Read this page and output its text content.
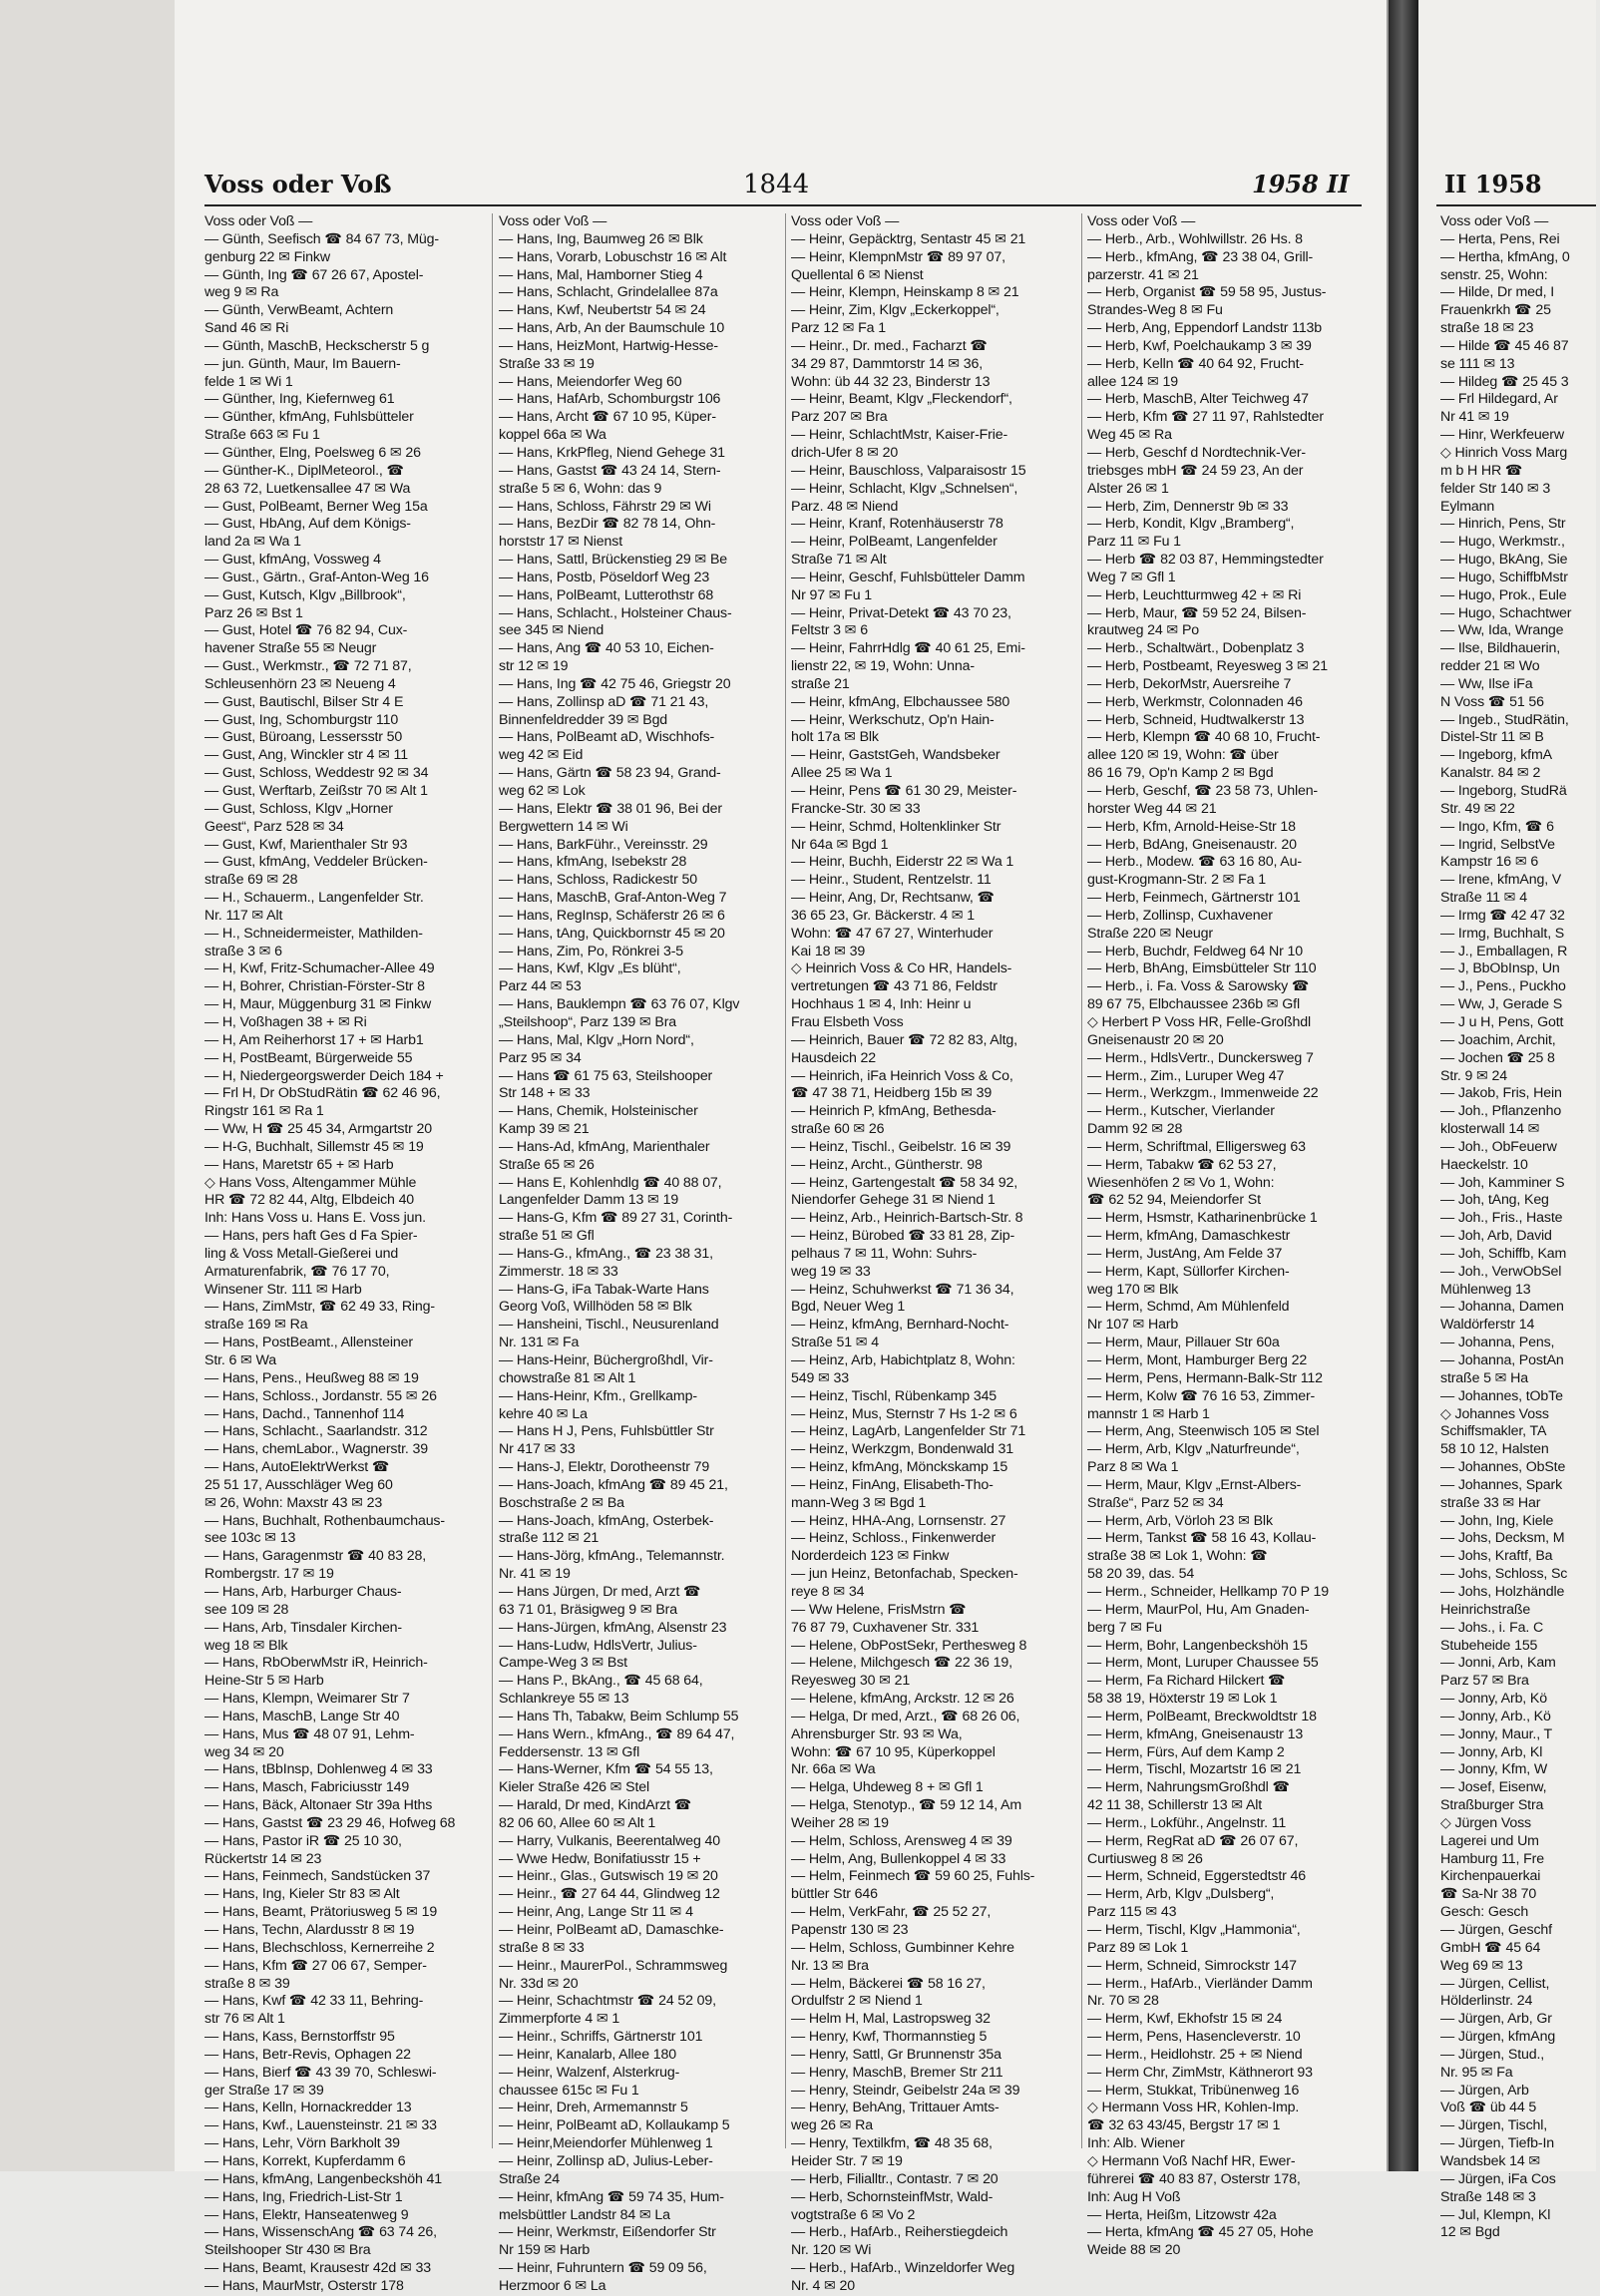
Voss oder Voß	1844	1958 II	II 1958
Voss oder Voß —
— Günth, Seefisch ☎ 84 67 73, Müg-
genburg 22 ✉ Finkw
— Günth, Ing ☎ 67 26 67, Apostel-
weg 9 ✉ Ra
— Günth, VerwBeamt, Achtern
Sand 46 ✉ Ri
— Günth, MaschB, Heckscherstr 5 g
— jun. Günth, Maur, Im Bauern-
felde 1 ✉ Wi 1
— Günther, Ing, Kiefernweg 61
— Günther, kfmAng, Fuhlsbütteler
Straße 663 ✉ Fu 1
— Günther, Elng, Poelsweg 6 ✉ 26
— Günther-K., DiplMeteorol., ☎
28 63 72, Luetkensallee 47 ✉ Wa
— Gust, PolBeamt, Berner Weg 15a
— Gust, HbAng, Auf dem Königs-
land 2a ✉ Wa 1
— Gust, kfmAng, Vossweg 4
— Gust., Gärtn., Graf-Anton-Weg 16
— Gust, Kutsch, Klgv „Billbrook“,
Parz 26 ✉ Bst 1
— Gust, Hotel ☎ 76 82 94, Cux-
havener Straße 55 ✉ Neugr
— Gust., Werkmstr., ☎ 72 71 87,
Schleusenhörn 23 ✉ Neueng 4
— Gust, Bautischl, Bilser Str 4 E
— Gust, Ing, Schomburgstr 110
— Gust, Büroang, Lessersstr 50
— Gust, Ang, Winckler str 4 ✉ 11
— Gust, Schloss, Weddestr 92 ✉ 34
— Gust, Werftarb, Zeißstr 70 ✉ Alt 1
— Gust, Schloss, Klgv „Horner
Geest“, Parz 528 ✉ 34
— Gust, Kwf, Marienthaler Str 93
— Gust, kfmAng, Veddeler Brücken-
straße 69 ✉ 28
— H., Schauerm., Langenfelder Str.
Nr. 117 ✉ Alt
— H., Schneidermeister, Mathilden-
straße 3 ✉ 6
— H, Kwf, Fritz-Schumacher-Allee 49
— H, Bohrer, Christian-Förster-Str 8
— H, Maur, Müggenburg 31 ✉ Finkw
— H, Voßhagen 38 + ✉ Ri
— H, Am Reiherhorst 17 + ✉ Harb1
— H, PostBeamt, Bürgerweide 55
— H, Niedergeorgswerder Deich 184 +
— Frl H, Dr ObStudRätin ☎ 62 46 96,
Ringstr 161 ✉ Ra 1
— Ww, H ☎ 25 45 34, Armgartstr 20
— H-G, Buchhalt, Sillemstr 45 ✉ 19
— Hans, Maretstr 65 + ✉ Harb
◇ Hans Voss, Altengammer Mühle
HR ☎ 72 82 44, Altg, Elbdeich 40
Inh: Hans Voss u. Hans E. Voss jun.
— Hans, pers haft Ges d Fa Spier-
ling & Voss Metall-Gießerei und
Armaturenfabrik, ☎ 76 17 70,
Winsener Str. 111 ✉ Harb
— Hans, ZimMstr, ☎ 62 49 33, Ring-
straße 169 ✉ Ra
— Hans, PostBeamt., Allensteiner
Str. 6 ✉ Wa
— Hans, Pens., Heußweg 88 ✉ 19
— Hans, Schloss., Jordanstr. 55 ✉ 26
— Hans, Dachd., Tannenhof 114
— Hans, Schlacht., Saarlandstr. 312
— Hans, chemLabor., Wagnerstr. 39
— Hans, AutoElektrWerkst ☎
25 51 17, Ausschläger Weg 60
✉ 26, Wohn: Maxstr 43 ✉ 23
— Hans, Buchhalt, Rothenbaumchaus-
see 103c ✉ 13
— Hans, Garagenmstr ☎ 40 83 28,
Rombergstr. 17 ✉ 19
— Hans, Arb, Harburger Chaus-
see 109 ✉ 28
— Hans, Arb, Tinsdaler Kirchen-
weg 18 ✉ Blk
— Hans, RbOberwMstr iR, Heinrich-
Heine-Str 5 ✉ Harb
— Hans, Klempn, Weimarer Str 7
— Hans, MaschB, Lange Str 40
— Hans, Mus ☎ 48 07 91, Lehm-
weg 34 ✉ 20
— Hans, tBbInsp, Dohlenweg 4 ✉ 33
— Hans, Masch, Fabriciusstr 149
— Hans, Bäck, Altonaer Str 39a Hths
— Hans, Gastst ☎ 23 29 46, Hofweg 68
— Hans, Pastor iR ☎ 25 10 30,
Rückertstr 14 ✉ 23
— Hans, Feinmech, Sandstücken 37
— Hans, Ing, Kieler Str 83 ✉ Alt
— Hans, Beamt, Prätoriusweg 5 ✉ 19
— Hans, Techn, Alardusstr 8 ✉ 19
— Hans, Blechschloss, Kernerreihe 2
— Hans, Kfm ☎ 27 06 67, Semper-
straße 8 ✉ 39
— Hans, Kwf ☎ 42 33 11, Behring-
str 76 ✉ Alt 1
— Hans, Kass, Bernstorffstr 95
— Hans, Betr-Revis, Ophagen 22
— Hans, Bierf ☎ 43 39 70, Schleswi-
ger Straße 17 ✉ 39
— Hans, Kelln, Hornackredder 13
— Hans, Kwf., Lauensteinstr. 21 ✉ 33
— Hans, Lehr, Vörn Barkholt 39
— Hans, Korrekt, Kupferdamm 6
— Hans, kfmAng, Langenbeckshöh 41
— Hans, Ing, Friedrich-List-Str 1
— Hans, Elektr, Hanseatenweg 9
— Hans, WissenschAng ☎ 63 74 26,
Steilshooper Str 430 ✉ Bra
— Hans, Beamt, Krausestr 42d ✉ 33
— Hans, MaurMstr, Osterstr 178
Voss oder Voß —
— Hans, Ing, Baumweg 26 ✉ Blk
— Hans, Vorarb, Lobuschstr 16 ✉ Alt
— Hans, Mal, Hamborner Stieg 4
— Hans, Schlacht, Grindelallee 87a
— Hans, Kwf, Neubertstr 54 ✉ 24
— Hans, Arb, An der Baumschule 10
— Hans, HeizMont, Hartwig-Hesse-
Straße 33 ✉ 19
— Hans, Meiendorfer Weg 60
— Hans, HafArb, Schomburgstr 106
— Hans, Archt ☎ 67 10 95, Küper-
koppel 66a ✉ Wa
— Hans, KrkPfleg, Niend Gehege 31
— Hans, Gastst ☎ 43 24 14, Stern-
straße 5 ✉ 6, Wohn: das 9
— Hans, Schloss, Fährstr 29 ✉ Wi
— Hans, BezDir ☎ 82 78 14, Ohn-
horststr 17 ✉ Nienst
— Hans, Sattl, Brückenstieg 29 ✉ Be
— Hans, Postb, Pöseldorf Weg 23
— Hans, PolBeamt, Lutterothstr 68
— Hans, Schlacht., Holsteiner Chaus-
see 345 ✉ Niend
— Hans, Ang ☎ 40 53 10, Eichen-
str 12 ✉ 19
— Hans, Ing ☎ 42 75 46, Griegstr 20
— Hans, Zollinsp aD ☎ 71 21 43,
Binnenfeldredder 39 ✉ Bgd
— Hans, PolBeamt aD, Wischhofs-
weg 42 ✉ Eid
— Hans, Gärtn ☎ 58 23 94, Grand-
weg 62 ✉ Lok
— Hans, Elektr ☎ 38 01 96, Bei der
Bergwettern 14 ✉ Wi
— Hans, BarkFühr., Vereinsstr. 29
— Hans, kfmAng, Isebekstr 28
— Hans, Schloss, Radickestr 50
— Hans, MaschB, Graf-Anton-Weg 7
— Hans, RegInsp, Schäferstr 26 ✉ 6
— Hans, tAng, Quickbornstr 45 ✉ 20
— Hans, Zim, Po, Rönkrei 3-5
— Hans, Kwf, Klgv „Es blüht“,
Parz 44 ✉ 53
— Hans, Bauklempn ☎ 63 76 07, Klgv
„Steilshoop“, Parz 139 ✉ Bra
— Hans, Mal, Klgv „Horn Nord“,
Parz 95 ✉ 34
— Hans ☎ 61 75 63, Steilshooper
Str 148 + ✉ 33
— Hans, Chemik, Holsteinischer
Kamp 39 ✉ 21
— Hans-Ad, kfmAng, Marienthaler
Straße 65 ✉ 26
— Hans E, Kohlenhdlg ☎ 40 88 07,
Langenfelder Damm 13 ✉ 19
— Hans-G, Kfm ☎ 89 27 31, Corinth-
straße 51 ✉ Gfl
— Hans-G., kfmAng., ☎ 23 38 31,
Zimmerstr. 18 ✉ 33
— Hans-G, iFa Tabak-Warte Hans
Georg Voß, Willhöden 58 ✉ Blk
— Hansheini, Tischl., Neusurenland
Nr. 131 ✉ Fa
— Hans-Heinr, Büchergroßhdl, Vir-
chowstraße 81 ✉ Alt 1
— Hans-Heinr, Kfm., Grellkamp-
kehre 40 ✉ La
— Hans H J, Pens, Fuhlsbüttler Str
Nr 417 ✉ 33
— Hans-J, Elektr, Dorotheenstr 79
— Hans-Joach, kfmAng ☎ 89 45 21,
Boschstraße 2 ✉ Ba
— Hans-Joach, kfmAng, Osterbek-
straße 112 ✉ 21
— Hans-Jörg, kfmAng., Telemannstr.
Nr. 41 ✉ 19
— Hans Jürgen, Dr med, Arzt ☎
63 71 01, Bräsigweg 9 ✉ Bra
— Hans-Jürgen, kfmAng, Alsenstr 23
— Hans-Ludw, HdlsVertr, Julius-
Campe-Weg 3 ✉ Bst
— Hans P., BkAng., ☎ 45 68 64,
Schlankreye 55 ✉ 13
— Hans Th, Tabakw, Beim Schlump 55
— Hans Wern., kfmAng., ☎ 89 64 47,
Feddersenstr. 13 ✉ Gfl
— Hans-Werner, Kfm ☎ 54 55 13,
Kieler Straße 426 ✉ Stel
— Harald, Dr med, KindArzt ☎
82 06 60, Allee 60 ✉ Alt 1
— Harry, Vulkanis, Beerentalweg 40
— Wwe Hedw, Bonifatiusstr 15 +
— Heinr., Glas., Gutswisch 19 ✉ 20
— Heinr., ☎ 27 64 44, Glindweg 12
— Heinr, Ang, Lange Str 11 ✉ 4
— Heinr, PolBeamt aD, Damaschke-
straße 8 ✉ 33
— Heinr., MaurerPol., Schrammsweg
Nr. 33d ✉ 20
— Heinr, Schachtmstr ☎ 24 52 09,
Zimmerpforte 4 ✉ 1
— Heinr., Schriffs, Gärtnerstr 101
— Heinr, Kanalarb, Allee 180
— Heinr, Walzenf, Alsterkrug-
chaussee 615c ✉ Fu 1
— Heinr, Dreh, Armemannstr 5
— Heinr, PolBeamt aD, Kollaukamp 5
— Heinr,Meiendorfer Mühlenweg 1
— Heinr, Zollinsp aD, Julius-Leber-
Straße 24
— Heinr, kfmAng ☎ 59 74 35, Hum-
melsbüttler Landstr 84 ✉ La
— Heinr, Werkmstr, Eißendorfer Str
Nr 159 ✉ Harb
— Heinr, Fuhruntern ☎ 59 09 56,
Herzmoor 6 ✉ La
Voss oder Voß —
— Heinr, Gepäcktrg, Sentastr 45 ✉ 21
— Heinr, KlempnMstr ☎ 89 97 07,
Quellental 6 ✉ Nienst
— Heinr, Klempn, Heinskamp 8 ✉ 21
— Heinr, Zim, Klgv „Eckerkoppel“,
Parz 12 ✉ Fa 1
— Heinr., Dr. med., Facharzt ☎
34 29 87, Dammtorstr 14 ✉ 36,
Wohn: üb 44 32 23, Binderstr 13
— Heinr, Beamt, Klgv „Fleckendorf“,
Parz 207 ✉ Bra
— Heinr, SchlachtMstr, Kaiser-Frie-
drich-Ufer 8 ✉ 20
— Heinr, Bauschloss, Valparaisostr 15
— Heinr, Schlacht, Klgv „Schnelsen“,
Parz. 48 ✉ Niend
— Heinr, Kranf, Rotenhäuserstr 78
— Heinr, PolBeamt, Langenfelder
Straße 71 ✉ Alt
— Heinr, Geschf, Fuhlsbütteler Damm
Nr 97 ✉ Fu 1
— Heinr, Privat-Detekt ☎ 43 70 23,
Feltstr 3 ✉ 6
— Heinr, FahrrHdlg ☎ 40 61 25, Emi-
lienstr 22, ✉ 19, Wohn: Unna-
straße 21
— Heinr, kfmAng, Elbchaussee 580
— Heinr, Werkschutz, Op'n Hain-
holt 17a ✉ Blk
— Heinr, GaststGeh, Wandsbeker
Allee 25 ✉ Wa 1
— Heinr, Pens ☎ 61 30 29, Meister-
Francke-Str. 30 ✉ 33
— Heinr, Schmd, Holtenklinker Str
Nr 64a ✉ Bgd 1
— Heinr, Buchh, Eiderstr 22 ✉ Wa 1
— Heinr., Student, Rentzelstr. 11
— Heinr, Ang, Dr, Rechtsanw, ☎
36 65 23, Gr. Bäckerstr. 4 ✉ 1
Wohn: ☎ 47 67 27, Winterhuder
Kai 18 ✉ 39
◇ Heinrich Voss & Co HR, Handels-
vertretungen ☎ 43 71 86, Feldstr
Hochhaus 1 ✉ 4, Inh: Heinr u
Frau Elsbeth Voss
— Heinrich, Bauer ☎ 72 82 83, Altg,
Hausdeich 22
— Heinrich, iFa Heinrich Voss & Co,
☎ 47 38 71, Heidberg 15b ✉ 39
— Heinrich P, kfmAng, Bethesda-
straße 60 ✉ 26
— Heinz, Tischl., Geibelstr. 16 ✉ 39
— Heinz, Archt., Güntherstr. 98
— Heinz, Gartengestalt ☎ 58 34 92,
Niendorfer Gehege 31 ✉ Niend 1
— Heinz, Arb., Heinrich-Bartsch-Str. 8
— Heinz, Bürobed ☎ 33 81 28, Zip-
pelhaus 7 ✉ 11, Wohn: Suhrs-
weg 19 ✉ 33
— Heinz, Schuhwerkst ☎ 71 36 34,
Bgd, Neuer Weg 1
— Heinz, kfmAng, Bernhard-Nocht-
Straße 51 ✉ 4
— Heinz, Arb, Habichtplatz 8, Wohn:
549 ✉ 33
— Heinz, Tischl, Rübenkamp 345
— Heinz, Mus, Sternstr 7 Hs 1-2 ✉ 6
— Heinz, LagArb, Langenfelder Str 71
— Heinz, Werkzgm, Bondenwald 31
— Heinz, kfmAng, Mönckskamp 15
— Heinz, FinAng, Elisabeth-Tho-
mann-Weg 3 ✉ Bgd 1
— Heinz, HHA-Ang, Lornsenstr. 27
— Heinz, Schloss., Finkenwerder
Norderdeich 123 ✉ Finkw
— jun Heinz, Betonfachab, Specken-
reye 8 ✉ 34
— Ww Helene, FrisMstrn ☎
76 87 79, Cuxhavener Str. 331
— Helene, ObPostSekr, Perthesweg 8
— Helene, Milchgesch ☎ 22 36 19,
Reyesweg 30 ✉ 21
— Helene, kfmAng, Arckstr. 12 ✉ 26
— Helga, Dr med, Arzt., ☎ 68 26 06,
Ahrensburger Str. 93 ✉ Wa,
Wohn: ☎ 67 10 95, Küperkoppel
Nr. 66a ✉ Wa
— Helga, Uhdeweg 8 + ✉ Gfl 1
— Helga, Stenotyp., ☎ 59 12 14, Am
Weiher 28 ✉ 19
— Helm, Schloss, Arensweg 4 ✉ 39
— Helm, Ang, Bullenkoppel 4 ✉ 33
— Helm, Feinmech ☎ 59 60 25, Fuhls-
büttler Str 646
— Helm, VerkFahr, ☎ 25 52 27,
Papenstr 130 ✉ 23
— Helm, Schloss, Gumbinner Kehre
Nr. 13 ✉ Bra
— Helm, Bäckerei ☎ 58 16 27,
Ordulfstr 2 ✉ Niend 1
— Helm H, Mal, Lastropsweg 32
— Henry, Kwf, Thormannstieg 5
— Henry, Sattl, Gr Brunnenstr 35a
— Henry, MaschB, Bremer Str 211
— Henry, Steindr, Geibelstr 24a ✉ 39
— Henry, BehAng, Trittauer Amts-
weg 26 ✉ Ra
— Henry, Textilkfm, ☎ 48 35 68,
Heider Str. 7 ✉ 19
— Herb, Filialltr., Contastr. 7 ✉ 20
— Herb, SchornsteinfMstr, Wald-
vogtstraße 6 ✉ Vo 2
— Herb., HafArb., Reiherstiegdeich
Nr. 120 ✉ Wi
— Herb., HafArb., Winzeldorfer Weg
Nr. 4 ✉ 20
Voss oder Voß —
— Herb., Arb., Wohlwillstr. 26 Hs. 8
— Herb., kfmAng, ☎ 23 38 04, Grill-
parzerstr. 41 ✉ 21
— Herb, Organist ☎ 59 58 95, Justus-
Strandes-Weg 8 ✉ Fu
— Herb, Ang, Eppendorf Landstr 113b
— Herb, Kwf, Poelchaukamp 3 ✉ 39
— Herb, Kelln ☎ 40 64 92, Frucht-
allee 124 ✉ 19
— Herb, MaschB, Alter Teichweg 47
— Herb, Kfm ☎ 27 11 97, Rahlstedter
Weg 45 ✉ Ra
— Herb, Geschf d Nordtechnik-Ver-
triebsges mbH ☎ 24 59 23, An der
Alster 26 ✉ 1
— Herb, Zim, Dennerstr 9b ✉ 33
— Herb, Kondit, Klgv „Bramberg“,
Parz 11 ✉ Fu 1
— Herb ☎ 82 03 87, Hemmingstedter
Weg 7 ✉ Gfl 1
— Herb, Leuchtturmweg 42 + ✉ Ri
— Herb, Maur, ☎ 59 52 24, Bilsen-
krautweg 24 ✉ Po
— Herb., Schaltwärt., Dobenplatz 3
— Herb, Postbeamt, Reyesweg 3 ✉ 21
— Herb, DekorMstr, Auersreihe 7
— Herb, Werkmstr, Colonnaden 46
— Herb, Schneid, Hudtwalkerstr 13
— Herb, Klempn ☎ 40 68 10, Frucht-
allee 120 ✉ 19, Wohn: ☎ über
86 16 79, Op'n Kamp 2 ✉ Bgd
— Herb, Geschf, ☎ 23 58 73, Uhlen-
horster Weg 44 ✉ 21
— Herb, Kfm, Arnold-Heise-Str 18
— Herb, BdAng, Gneisenaustr. 20
— Herb., Modew. ☎ 63 16 80, Au-
gust-Krogmann-Str. 2 ✉ Fa 1
— Herb, Feinmech, Gärtnerstr 101
— Herb, Zollinsp, Cuxhavener
Straße 220 ✉ Neugr
— Herb, Buchdr, Feldweg 64 Nr 10
— Herb, BhAng, Eimsbütteler Str 110
— Herb., i. Fa. Voss & Sarowsky ☎
89 67 75, Elbchaussee 236b ✉ Gfl
◇ Herbert P Voss HR, Felle-Großhdl
Gneisenaustr 20 ✉ 20
— Herm., HdlsVertr., Dunckersweg 7
— Herm., Zim., Luruper Weg 47
— Herm., Werkzgm., Immenweide 22
— Herm., Kutscher, Vierlander
Damm 92 ✉ 28
— Herm, Schriftmal, Elligersweg 63
— Herm, Tabakw ☎ 62 53 27,
Wiesenhöfen 2 ✉ Vo 1, Wohn:
☎ 62 52 94, Meiendorfer St
— Herm, Hsmstr, Katharinenbrücke 1
— Herm, kfmAng, Damaschkestr
— Herm, JustAng, Am Felde 37
— Herm, Kapt, Süllorfer Kirchen-
weg 170 ✉ Blk
— Herm, Schmd, Am Mühlenfeld
Nr 107 ✉ Harb
— Herm, Maur, Pillauer Str 60a
— Herm, Mont, Hamburger Berg 22
— Herm, Pens, Hermann-Balk-Str 112
— Herm, Kolw ☎ 76 16 53, Zimmer-
mannstr 1 ✉ Harb 1
— Herm, Ang, Steenwisch 105 ✉ Stel
— Herm, Arb, Klgv „Naturfreunde“,
Parz 8 ✉ Wa 1
— Herm, Maur, Klgv „Ernst-Albers-
Straße“, Parz 52 ✉ 34
— Herm, Arb, Vörloh 23 ✉ Blk
— Herm, Tankst ☎ 58 16 43, Kollau-
straße 38 ✉ Lok 1, Wohn: ☎
58 20 39, das. 54
— Herm., Schneider, Hellkamp 70 P 19
— Herm, MaurPol, Hu, Am Gnaden-
berg 7 ✉ Fu
— Herm, Bohr, Langenbeckshöh 15
— Herm, Mont, Luruper Chaussee 55
— Herm, Fa Richard Hilckert ☎
58 38 19, Höxterstr 19 ✉ Lok 1
— Herm, PolBeamt, Breckwoldtstr 18
— Herm, kfmAng, Gneisenaustr 13
— Herm, Fürs, Auf dem Kamp 2
— Herm, Tischl, Mozartstr 16 ✉ 21
— Herm, NahrungsmGroßhdl ☎
42 11 38, Schillerstr 13 ✉ Alt
— Herm., Lokführ., Angelnstr. 11
— Herm, RegRat aD ☎ 26 07 67,
Curtiusweg 8 ✉ 26
— Herm, Schneid, Eggerstedtstr 46
— Herm, Arb, Klgv „Dulsberg“,
Parz 115 ✉ 43
— Herm, Tischl, Klgv „Hammonia“,
Parz 89 ✉ Lok 1
— Herm, Schneid, Simrockstr 147
— Herm., HafArb., Vierländer Damm
Nr. 70 ✉ 28
— Herm, Kwf, Ekhofstr 15 ✉ 24
— Herm, Pens, Hasencleverstr. 10
— Herm., Heidlohstr. 25 + ✉ Niend
— Herm Chr, ZimMstr, Käthnerort 93
— Herm, Stukkat, Tribünenweg 16
◇ Hermann Voss HR, Kohlen-Imp.
☎ 32 63 43/45, Bergstr 17 ✉ 1
Inh: Alb. Wiener
◇ Hermann Voß Nachf HR, Ewer-
führerei ☎ 40 83 87, Osterstr 178,
Inh: Aug H Voß
— Herta, Heißm, Litzowstr 42a
— Herta, kfmAng ☎ 45 27 05, Hohe
Weide 88 ✉ 20
Voss oder Voß —
— Herta, Pens, Rei
— Hertha, kfmAng, 0
senstr. 25, Wohn:
— Hilde, Dr med, I
Frauenkrkh ☎ 25
straße 18 ✉ 23
— Hilde ☎ 45 46 87
se 111 ✉ 13
— Hildeg ☎ 25 45 3
— Frl Hildegard, Ar
Nr 41 ✉ 19
— Hinr, Werkfeuerw
◇ Hinrich Voss Marg
m b H HR ☎
felder Str 140 ✉ 3
Eylmann
— Hinrich, Pens, Str
— Hugo, Werkmstr.,
— Hugo, BkAng, Sie
— Hugo, SchiffbMstr
— Hugo, Prok., Eule
— Hugo, Schachtwer
— Ww, Ida, Wrange
— Ilse, Bildhauerin,
redder 21 ✉ Wo
— Ww, Ilse iFa
N Voss ☎ 51 56
— Ingeb., StudRätin,
Distel-Str 11 ✉ B
— Ingeborg, kfmA
Kanalstr. 84 ✉ 2
— Ingeborg, StudRä
Str. 49 ✉ 22
— Ingo, Kfm, ☎ 6
— Ingrid, SelbstVe
Kampstr 16 ✉ 6
— Irene, kfmAng, V
Straße 11 ✉ 4
— Irmg ☎ 42 47 32
— Irmg, Buchhalt, S
— J., Emballagen, R
— J, BbObInsp, Un
— J., Pens., Puckho
— Ww, J, Gerade S
— J u H, Pens, Gott
— Joachim, Archit,
— Jochen ☎ 25 8
Str. 9 ✉ 24
— Jakob, Fris, Hein
— Joh., Pflanzenho
klosterwall 14 ✉
— Joh., ObFeuerw
Haeckelstr. 10
— Joh, Kamminer S
— Joh, tAng, Keg
— Joh., Fris., Haste
— Joh, Arb, David
— Joh, Schiffb, Kam
— Joh., VerwObSel
Mühlenweg 13
— Johanna, Damen
Waldörferstr 14
— Johanna, Pens,
— Johanna, PostAn
straße 5 ✉ Ha
— Johannes, tObTe
◇ Johannes Voss
Schiffsmakler, TA
58 10 12, Halsten
— Johannes, ObSte
— Johannes, Spark
straße 33 ✉ Har
— John, Ing, Kiele
— Johs, Decksm, M
— Johs, Kraftf, Ba
— Johs, Schloss, Sc
— Johs, Holzhändle
Heinrichstraße
— Johs., i. Fa. C
Stubeheide 155
— Jonni, Arb, Kam
Parz 57 ✉ Bra
— Jonny, Arb, Kö
— Jonny, Arb., Kö
— Jonny, Maur., T
— Jonny, Arb, Kl
— Jonny, Kfm, W
— Josef, Eisenw,
Straßburger Stra
◇ Jürgen Voss
Lagerei und Um
Hamburg 11, Fre
Kirchenpauerkai
☎ Sa-Nr 38 70
Gesch: Gesch
— Jürgen, Geschf
GmbH ☎ 45 64
Weg 69 ✉ 13
— Jürgen, Cellist,
Hölderlinstr. 24
— Jürgen, Arb, Gr
— Jürgen, kfmAng
— Jürgen, Stud.,
Nr. 95 ✉ Fa
— Jürgen, Arb
Voß ☎ üb 44 5
— Jürgen, Tischl,
— Jürgen, Tiefb-In
Wandsbek 14 ✉
— Jürgen, iFa Cos
Straße 148 ✉ 3
— Jul, Klempn, Kl
12 ✉ Bgd
